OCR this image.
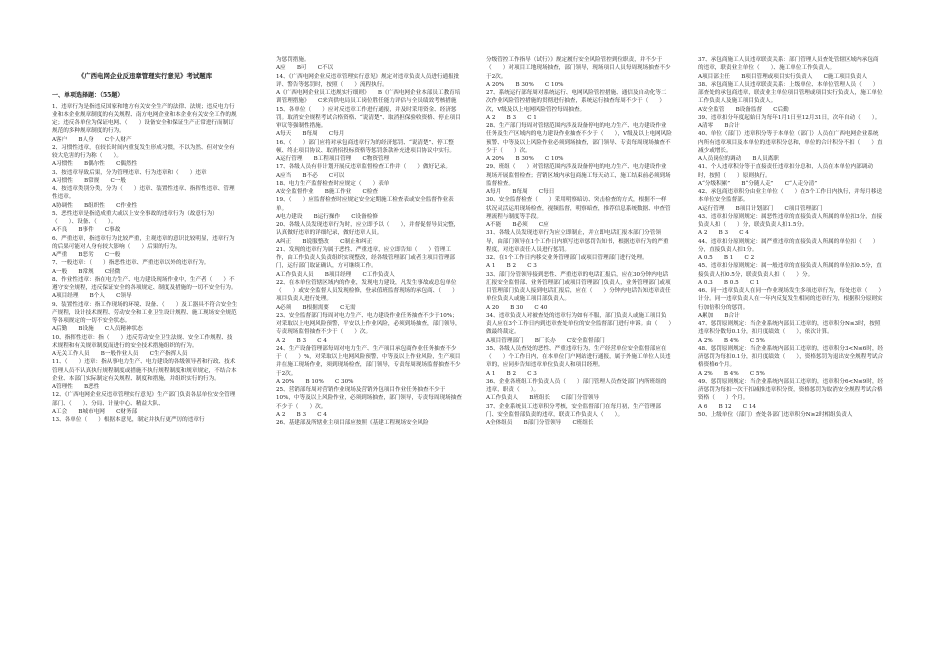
《广西电网企业反违章管理实行意见》考试题库

一、单项选择题：（55题）

1、违章行为是指违反国家和地方有关安全生产的法律、法规；违反电力行业和本企业规章制度的有关规程、南方电网企业和本企业有关安全工作的规定；违反各单位为保证电网、（　　）设备安全和保证生产正常进行而制订规范的多种规章制度的行为。

A客户　　B人身　　C个人财产

2、习惯性违章，在较长时间内重复发生形成习惯，不以为然、但对安全有较大危害的行为称（　　）。

A习惯性　　B偶尔性　　C偶然性

3、按违章导致后果，分为管理违章、行为违章和（　　）违章

A习惯性　　B常规　　C一般

4、按违章类别分类，分为（　　）违章、装置性违章、指挥性违章、管理性违章。

A协调性　　B组织性　　C作业性

5、恶性违章是指造成重大或以上安全事故的违章行为（故意行为）（　　）、设备、（　　）。

A不良　　B事件　　C事故

6、严重违章，指违章行为比较严重，主观违章的意识比较明显，违章行为的后果可能对人身有较大影响（　　）后果的行为。

A严重　　B恶劣　　C一般

7、一般违章：（　　）指恶性违章、严重违章以外的违章行为。

A一般　　B常规　　C轻微

8、作业性违章：指在电力生产、电力建设现场作业中，生产者（　　）不遵守安全规程，违反保证安全的各项规定、制度及措施的一切不安全行为。

A项目经理　　B个人　　C领导

9、装置性违章：指工作现场的环境、设备、（　　）及工器具不符合安全生产规程，设计技术规程、劳动安全和工业卫生设计规程、施工现场安全规范等各项规定的一切不安全状态。

A后勤　　B设施　　C人员精神状态

10、指挥性违章：指（　　）违反劳动安全卫生法规、安全工作规程、技术规程和有关规章制度而进行的安全技术措施组织的行为。

A无关工作人员　　B一般作业人员　　C生产指挥人员

11、（　　）违章：指从事电力生产、电力建设的各级领导者和行政、技术管理人员不认真执行规程制度或措施不执行规程制度和规章规定，不结合本企业、本部门实际制定有关规程、制度和措施，并组织实行的行为。

A管理性　　B恶性

12、《广西电网企业反违章管理实行意见》生产部门负责各层单位安全管理部门、（　　）、分局、计量中心、精益大队、

A工会　　B城市电网　　C财务部

13、各单位（　　）根据本意见，制定并执行更严厉的违章行

为惩罚措施。

A应　　B可　　C不以

14、《广西电网企业反违章管理实行意见》规定对违章负责人员进行通报批评、警告等惩罚时，按照（　　）流程执行。

A《广西电网企业员工违规实行细则》　　B《广西电网企业本部员工教育培训管理措施》　　C来宾供电局员工岗位胜任能力评估与全员绩效考核措施

15、各单位（　　）应对反违章工作进行通报，并及时采用资金、经济惩罚。取消安全规程考试合格资格、“说清楚”、取消担保验收资格、停止项目审议等强制性措施。

A每天　　B每周　　C每月

16、（　　）部门应将对承包商违章行为的经济惩罚、“说清楚”、停工整顿、终止项目协议、取消招投标资格等惩罚条款补充进项目协议中实行。

A运行管理　　B工程项目管理　　C物资管理

17、各级人员有非计划开展反违章监督检查工作并（　　）做好记录。

A应当　　B不必　　C可以

18、电力生产监督检查时应规定（　　）表单

A安全监督作业　　B施工作业　　C检查

19、（　　）应监督检查时应规定安全定期施工检查表或安全监督作业表单。

A电力建设　　B运行操作　　C设备检修

20、各级人员发现违章行为时，应立即予以（　　），并督促督导员完整，认真做好违章的详细纪录，做好违章人员。

A纠正　　B说服整改　　C制止和纠正

21、发现的违章行为属于恶性、严重违章，应立即告知（　　）管理工作，由工作负责人负责组织实现整改，经各级管理部门或者主项目管理部门，运行部门取证确认，方可继续工作。

A工作负责人员　　B项目经理　　C工作负责人

22、在本单位管辖区域内的作业，发现电力建设，凡发生事故或总包单位（　　）或安全监督人员发现检修，登录值班监督现场的承包商、（　　）项目负责人进行处理。

A必须　　B根据需要　　C无需

23、安全监督部门每周对电力生产、电力建设作业任务抽查不少于10%；对采取以上电网风险预警，平安以上作业风险，必须到场抽查，部门领导，专责现场监督抽查不少于（　　）次。

A 2　　B 3　　C 4

24、生产设备管理部每周对电力生产、生产项目承包商作业任务抽查不少于（　　）%，对采取以上电网风险预警，中等及以上作业风险，生产项目并在施工现场作业，须到现场检查，部门领导，专责每周现场监督抽查不少于2次。

A 20%　　B 10%　　C 30%

25、营销部每周对营销作业现场及营销外包项目作业任务抽查不少于10%，中等及以上风险作业，必须到场抽查，部门领导，专责每周现场抽查不少于（　　）次。

A 2　　B 3　　C 4

26、基建部及所辖业主项目部应按照《基建工程现场安全风险

分级管控工作指导（试行）》规定履行安全风险管控到位职责，并不少于（　　）对项目工地现场抽查，部门领导，现场项目人员每周现场抽查不少于2次。

A 20%　　B 30%　　C 10%

27、系统运行部每周对系统运行、电网风险管控措施、通信及自动化等二次作业风险管控措施的贯彻进行抽查，系统运行抽查每周不少于（　　）次，V级及以上电网风险管控每周抽查。

A 2　　B 3　　C 1

28、生产部门每周对管辖范围内涉及设备停电的电力生产、电力建设作业任务及生产区域内的电力建设作业抽查不少于（　　），V级及以上电网风险预警、中等及以上风险作业必须到场抽查，部门领导、专责每周现场抽查不少于（　　）次。

A 20%　　B 30%　　C 10%

29、班组（　　）对管辖范围内涉及设备停电的电力生产、电力建设作业现场开展监督检查；营销区域内承包商施工每天动工，施工结束前必须到场监督检查。

A每月　　B每周　　C每日

30、安全监督检查（　　）采用明察暗访、突击检查的方式，根据不一样状况灵活运用现场检查，视频监督，明察暗查，推荐信息系统数据、申查管理流程与制度等手段。

A不能　　B必须　　C应

31、各级人员发现违章行为应立即制止，并立即电话汇报本部门分管领导，由部门领导在1个工作日内填写违章惩罚告知书，根据违章行为的严重程度，对违章责任人员进行惩罚。

32、在1个工作日内移交业务管理部门或项目管理部门进行处理。

A 1　　B 2　　C 3

33、部门分管领导接到恶性、严重违章的电话汇报后，应在30分钟内电话汇报安全监督部、业务管理部门或项目管理部门负责人，业务管理部门或项目管理部门负责人接到电话汇报后，应在（　　）分钟内电话告知违章责任单位负责人或施工项目部负责人。

A 20　　B 30　　C 40

34、违章负责人对被查处的违章行为如有不服，部门负责人或施工项目负责人应在3个工作日内到违章查处单位的安全监督部门进行申诉。由（　　）做最终裁定。

A项目管理部门　　B厂长办　　C安全监督部门

35、各级人员查处的恶性、严重违章行为，生产经营单位安全监督部应在（　　）个工作日内，在本单位门户网站进行通报，属于外施工单位人员违章的，应同步告知违章单位负责人和项目经理。

A 1　　B 2　　C 3

36、企业各班组工作负责人员（　　）部门管理人员查处部门内所班组的违章，职责（　　）。

A工作负责人　　B班组长　　C部门分管领导

37、企业系统员工违章积分考核，安全监督部门在每月初，生产管理部门、安全监督部负责的违章，联责工作负责人（　　）。

A全体组员　　B部门分管领导　　C班组长

37、承包商施工人员违章联责关系：部门管理人员查处管辖区域内承包商的违章，联责业主单位（　　）、施工单位工作负责人。

A项目部主任　　B项目管理或项目实行负责人　　C施工项目负责人

38、承包商施工人员违章联责关系：上级单位、本单位管理人员（　　）部查处的承包商违章，联责业主单位项目管理或项目实行负责人，施工单位工作负责人及施工项目负责人。

A安全监管　　B设备监督　　C后勤

39、违章扣分年度起始日为每年1月1日至12月31日，次年自动（　　）。

A清零　　B合计

40、单位（部门）违章积分等于本单位（部门）人员在广西电网企业系统内所有违章项目及本单位的违章积分总和，单位的合计积分不扣（　　）直减少或增长。

A人员岗位的调动　　B人员离职

41、个人违章积分等于直接责任违章扣分总和，人员在本单位内部调动时，按照（　　）原则执行。

A“分级积累”　　B“分随人走”　　C“人走分清”

42、承包商违章积分由业主单位（　　）在5个工作日内执行，并每月移送本单位安全监督部。

A运行管理　　B项目计划部门　　C项目管理部门

43、违章扣分原则规定：属恶性违章的直接负责人所属的单位扣3分，直接负责人扣（　　）分，联责负责人扣1.5分。

A 2　　B 3　　C 4

44、违章扣分原则规定：属严重违章的直接负责人所属的单位扣（　　）分，直接负责人扣1分。

A 0.5　　B 1　　C 2

45、违章扣分原则规定：属一般违章的直接负责人所属的单位扣0.5分，直接负责人扣0.5分，联责负责人扣（　　）分。

A 0.3　　B 0.5　　C 1

46、同一违章负责人在同一作业现场发生多项违章行为，每处违章（　　）计分。同一违章负责人在一年内反复发生相同的违章行为，根据积分原则实行加倍积分的惩罚。

A累加　　B合计

47、惩罚原则规定：当企业系统内部员工违章的，违章积分N≤3时，按照违章积分数每0.1分，扣月度绩效（　　），依次计算。

A 2%　　B 4%　　C 5%

48、惩罚原则规定：当企业系统内部员工违章的，违章积分3<N≤6时，经济惩罚为每扣0.1分，扣月度绩效（　　），资格惩罚为退出安全规程考试合格资格6个月。

A 2%　　B 4%　　C 5%

49、惩罚原则规定：当企业系统内部员工违章的，违章积分6<N≤9时，经济惩罚为每扣一次干扣减推违章积分资，资格惩罚为取消安全规程考试合格资格（　　）个月。

A 6　　B 12　　C 14

50、上级单位（部门）查处各部门违章积分N≥2时相组负责人
